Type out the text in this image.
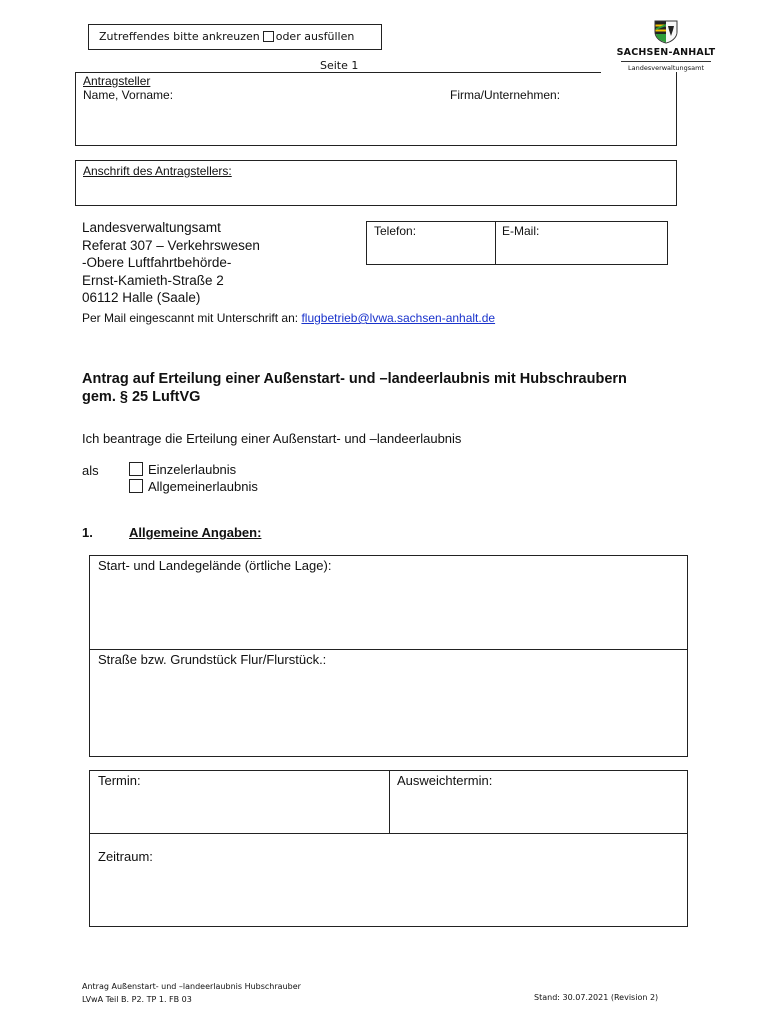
Zutreffendes bitte ankreuzen oder ausfüllen
Seite 1
SACHSEN-ANHALT
Landesverwaltungsamt
Antragsteller
Name, Vorname:	Firma/Unternehmen:
Anschrift des Antragstellers:
Landesverwaltungsamt
Referat 307 – Verkehrswesen
-Obere Luftfahrtbehörde-
Ernst-Kamieth-Straße 2
06112 Halle (Saale)
Telefon:	E-Mail:
Per Mail eingescannt mit Unterschrift an: flugbetrieb@lvwa.sachsen-anhalt.de
Antrag auf Erteilung einer Außenstart- und –landeerlaubnis mit Hubschraubern
gem. § 25 LuftVG
Ich beantrage die Erteilung einer Außenstart- und –landeerlaubnis
als	Einzelerlaubnis
Allgemeinerlaubnis
1.	Allgemeine Angaben:
Start- und Landegelände (örtliche Lage):
Straße bzw. Grundstück Flur/Flurstück.:
Termin:	Ausweichtermin:
Zeitraum:
Antrag Außenstart- und –landeerlaubnis Hubschrauber
LVwA Teil B. P2. TP 1. FB 03	Stand: 30.07.2021 (Revision 2)
